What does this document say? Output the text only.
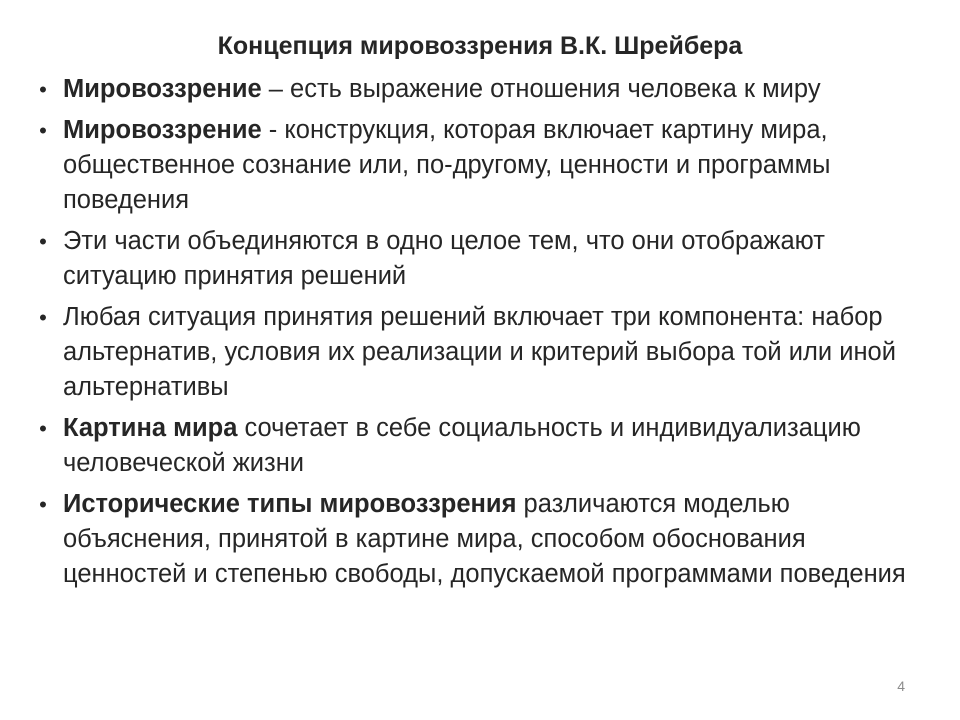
Концепция мировоззрения В.К. Шрейбера
• Мировоззрение – есть выражение отношения человека к миру
• Мировоззрение - конструкция, которая включает картину мира, общественное сознание или, по-другому, ценности и программы поведения
• Эти части объединяются в одно целое тем, что они отображают ситуацию принятия решений
• Любая ситуация принятия решений включает три компонента: набор альтернатив, условия их реализации и критерий выбора той или иной альтернативы
• Картина мира сочетает в себе социальность и индивидуализацию человеческой жизни
• Исторические типы мировоззрения различаются моделью объяснения, принятой в картине мира, способом обоснования ценностей и степенью свободы, допускаемой программами поведения
4
